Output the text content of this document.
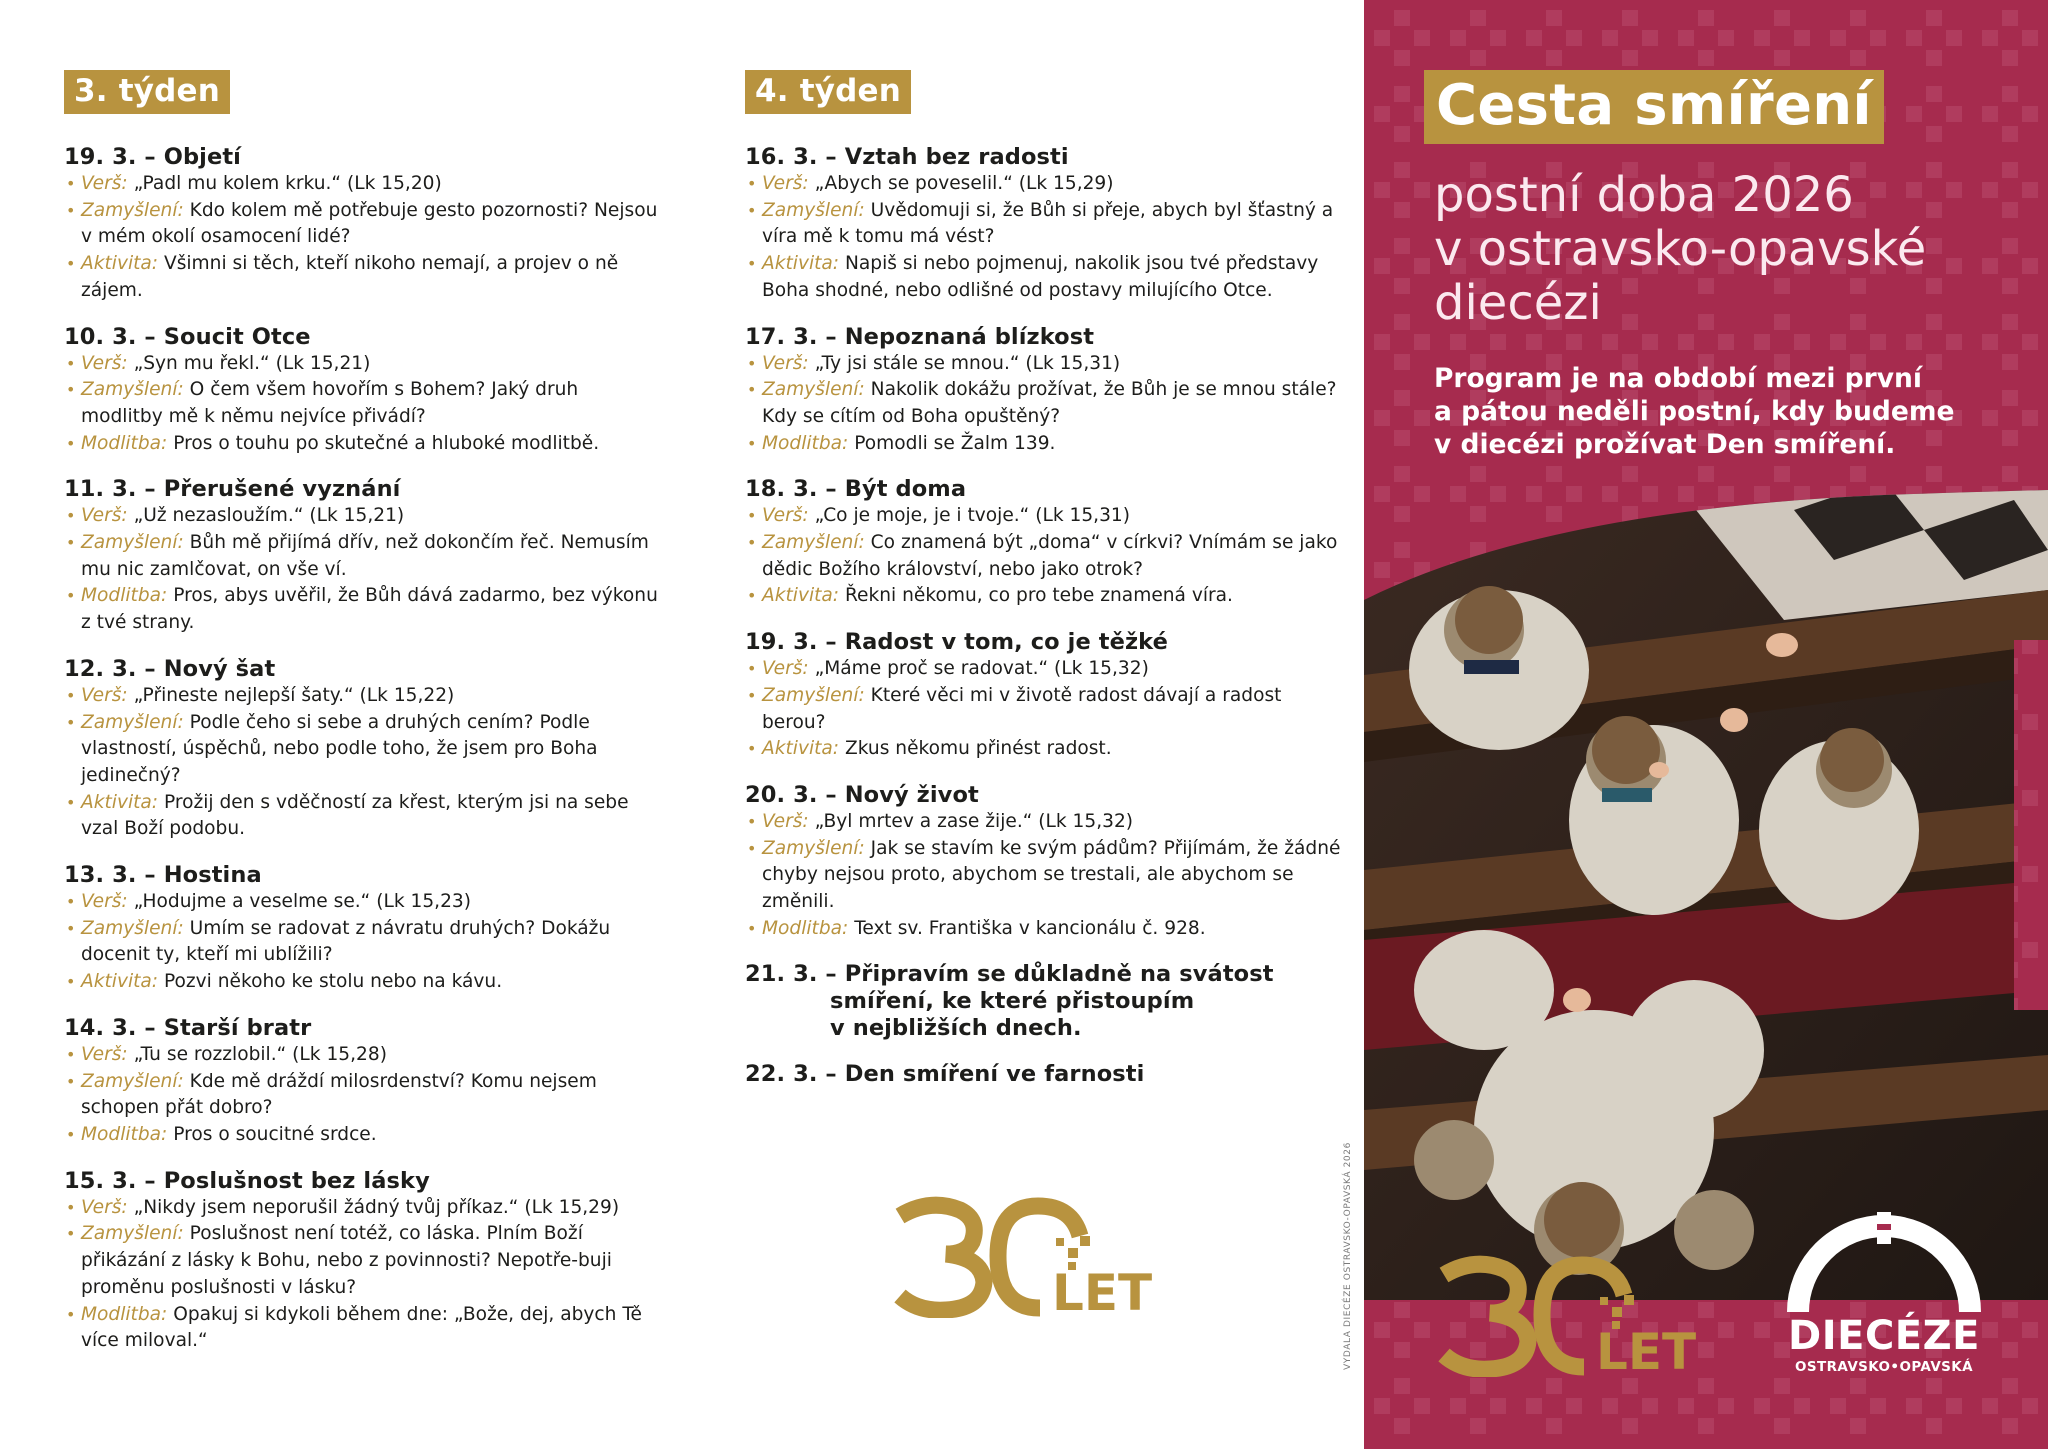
3. týden
19. 3. – Objetí
• Verš: „Padl mu kolem krku.“ (Lk 15,20)
• Zamyšlení: Kdo kolem mě potřebuje gesto pozornosti? Nejsou v mém okolí osamocení lidé?
• Aktivita: Všimni si těch, kteří nikoho nemají, a projev o ně zájem.
10. 3. – Soucit Otce
• Verš: „Syn mu řekl.“ (Lk 15,21)
• Zamyšlení: O čem všem hovořím s Bohem? Jaký druh modlitby mě k němu nejvíce přivádí?
• Modlitba: Pros o touhu po skutečné a hluboké modlitbě.
11. 3. – Přerušené vyznání
• Verš: „Už nezasloužím.“ (Lk 15,21)
• Zamyšlení: Bůh mě přijímá dřív, než dokončím řeč. Nemusím mu nic zamlčovat, on vše ví.
• Modlitba: Pros, abys uvěřil, že Bůh dává zadarmo, bez výkonu z tvé strany.
12. 3. – Nový šat
• Verš: „Přineste nejlepší šaty.“ (Lk 15,22)
• Zamyšlení: Podle čeho si sebe a druhých cením? Podle vlastností, úspěchů, nebo podle toho, že jsem pro Boha jedinečný?
• Aktivita: Prožij den s vděčností za křest, kterým jsi na sebe vzal Boží podobu.
13. 3. – Hostina
• Verš: „Hodujme a veselme se.“ (Lk 15,23)
• Zamyšlení: Umím se radovat z návratu druhých? Dokážu docenit ty, kteří mi ublížili?
• Aktivita: Pozvi někoho ke stolu nebo na kávu.
14. 3. – Starší bratr
• Verš: „Tu se rozzlobil.“ (Lk 15,28)
• Zamyšlení: Kde mě dráždí milosrdenství? Komu nejsem schopen přát dobro?
• Modlitba: Pros o soucitné srdce.
15. 3. – Poslušnost bez lásky
• Verš: „Nikdy jsem neporušil žádný tvůj příkaz.“ (Lk 15,29)
• Zamyšlení: Poslušnost není totéž, co láska. Plním Boží přikázání z lásky k Bohu, nebo z povinnosti? Nepotře-buji proměnu poslušnosti v lásku?
• Modlitba: Opakuj si kdykoli během dne: „Bože, dej, abych Tě více miloval.“
4. týden
16. 3. – Vztah bez radosti
• Verš: „Abych se poveselil.“ (Lk 15,29)
• Zamyšlení: Uvědomuji si, že Bůh si přeje, abych byl šťastný a víra mě k tomu má vést?
• Aktivita: Napiš si nebo pojmenuj, nakolik jsou tvé představy Boha shodné, nebo odlišné od postavy milujícího Otce.
17. 3. – Nepoznaná blízkost
• Verš: „Ty jsi stále se mnou.“ (Lk 15,31)
• Zamyšlení: Nakolik dokážu prožívat, že Bůh je se mnou stále? Kdy se cítím od Boha opuštěný?
• Modlitba: Pomodli se Žalm 139.
18. 3. – Být doma
• Verš: „Co je moje, je i tvoje.“ (Lk 15,31)
• Zamyšlení: Co znamená být „doma“ v církvi? Vnímám se jako dědic Božího království, nebo jako otrok?
• Aktivita: Řekni někomu, co pro tebe znamená víra.
19. 3. – Radost v tom, co je těžké
• Verš: „Máme proč se radovat.“ (Lk 15,32)
• Zamyšlení: Které věci mi v životě radost dávají a radost berou?
• Aktivita: Zkus někomu přinést radost.
20. 3. – Nový život
• Verš: „Byl mrtev a zase žije.“ (Lk 15,32)
• Zamyšlení: Jak se stavím ke svým pádům? Přijímám, že žádné chyby nejsou proto, abychom se trestali, ale abychom se změnili.
• Modlitba: Text sv. Františka v kancionálu č. 928.
21. 3. – Připravím se důkladně na svátost
smíření, ke které přistoupím
v nejbližších dnech.
22. 3. – Den smíření ve farnosti
LET	VYDALA DIECÉZE OSTRAVSKO-OPAVSKÁ 2026
Cesta smíření
postní doba 2026
v ostravsko-opavské
diecézi
Program je na období mezi první
a pátou neděli postní, kdy budeme
v diecézi prožívat Den smíření.
LET	DIECÉZE
OSTRAVSKO•OPAVSKÁ
